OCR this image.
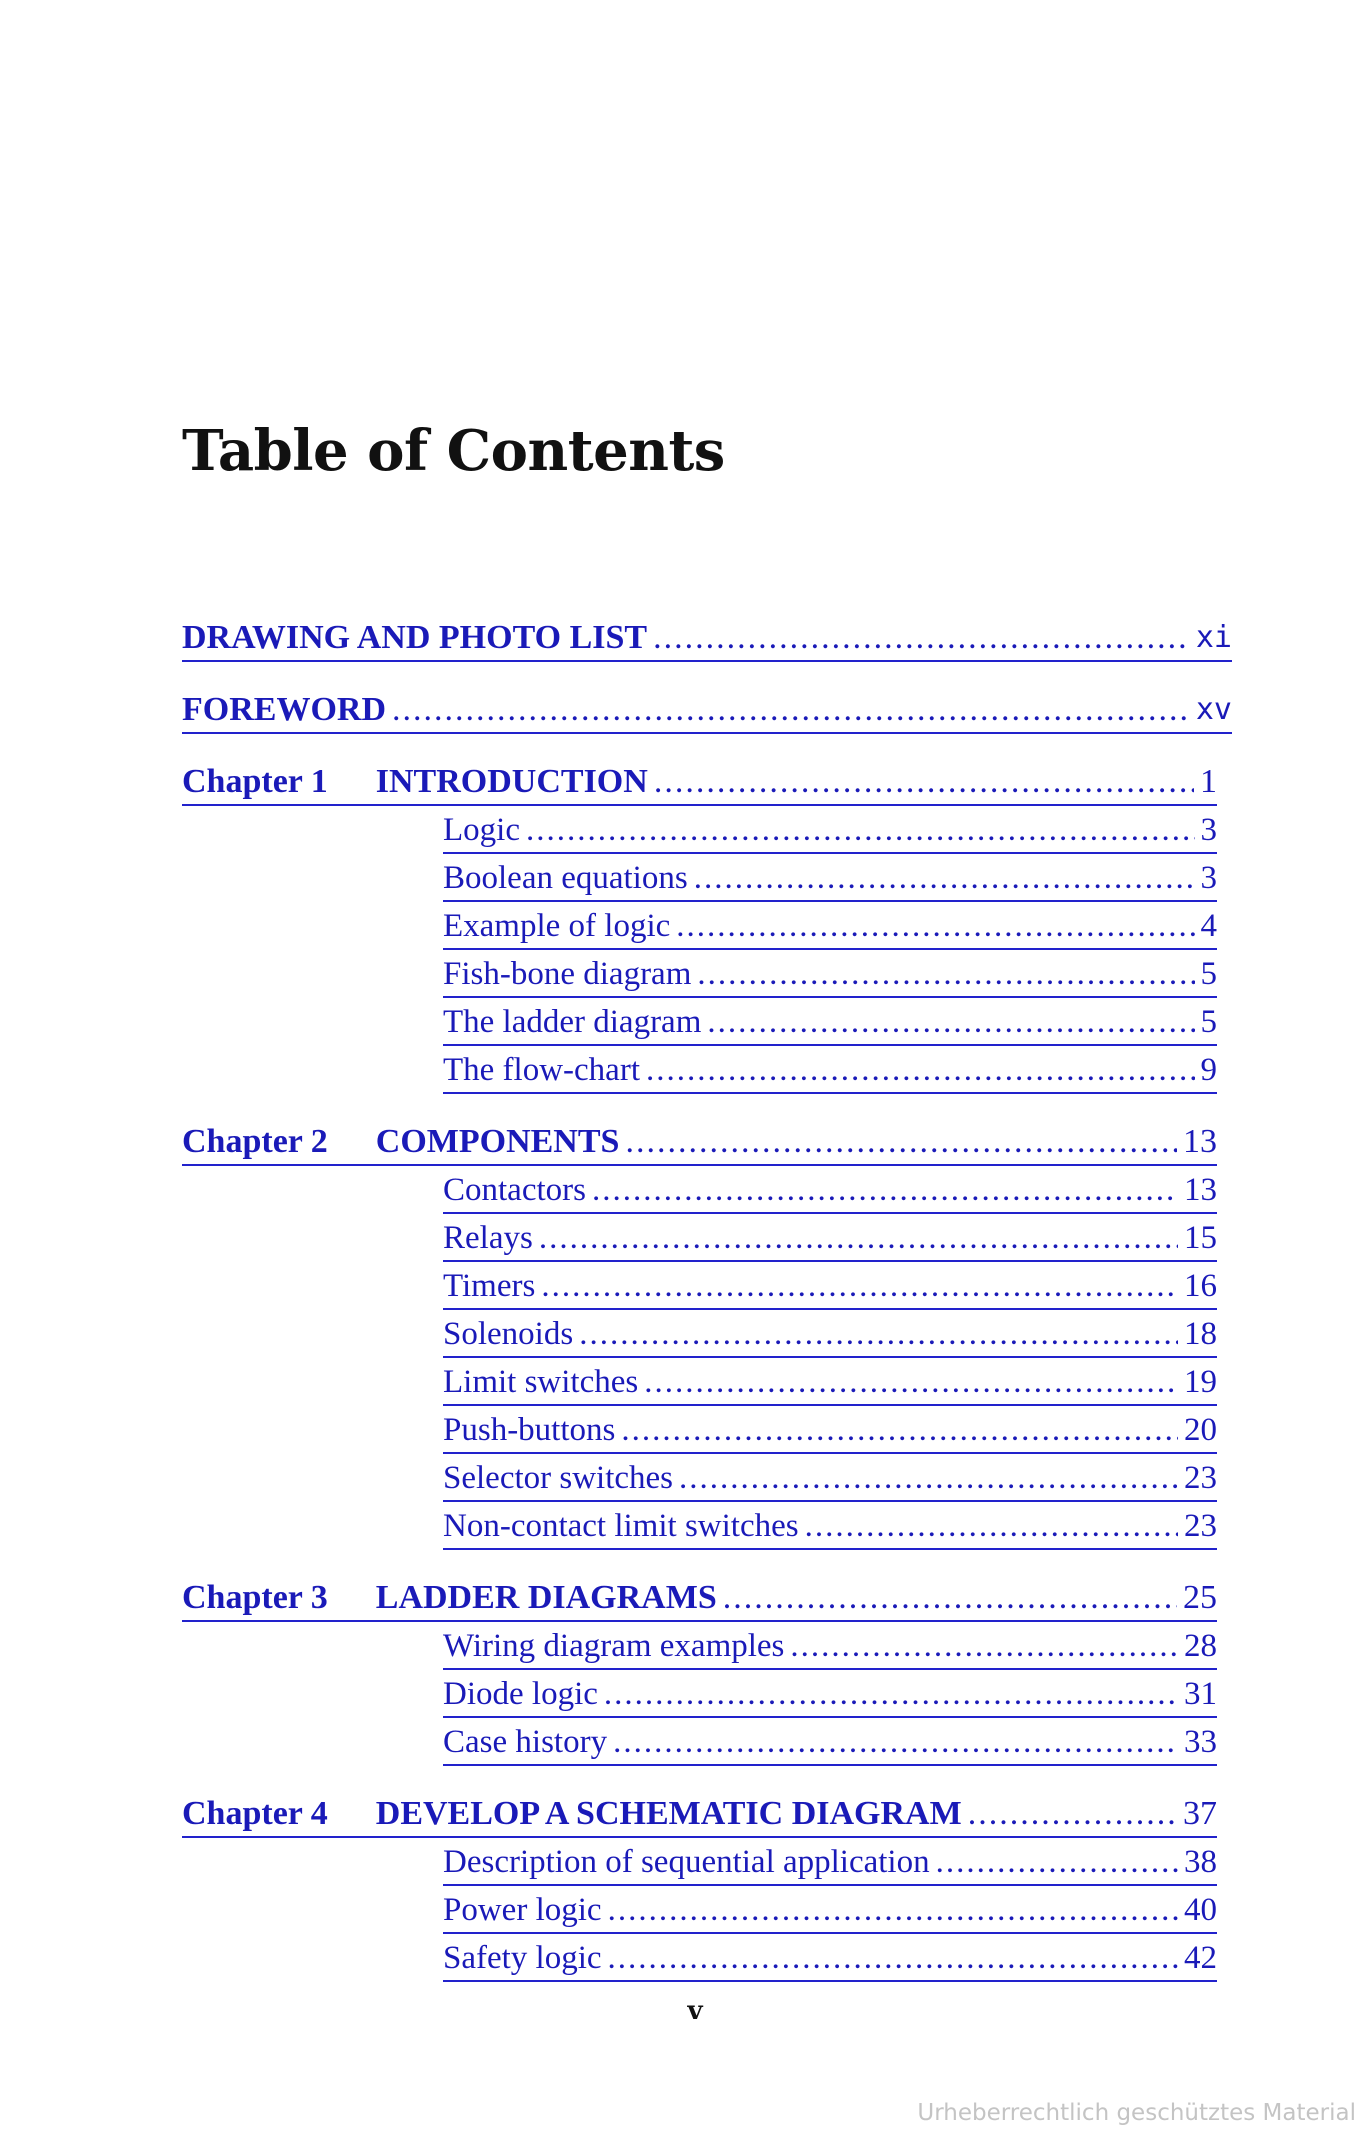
Table of Contents
DRAWING AND PHOTO LIST .....	xi
FOREWORD .....	xv
Chapter 1 INTRODUCTION .....	1
Logic .....	3
Boolean equations .....	3
Example of logic .....	4
Fish-bone diagram .....	5
The ladder diagram .....	5
The flow-chart .....	9
Chapter 2 COMPONENTS .....	13
Contactors .....	13
Relays .....	15
Timers .....	16
Solenoids .....	18
Limit switches .....	19
Push-buttons .....	20
Selector switches .....	23
Non-contact limit switches .....	23
Chapter 3 LADDER DIAGRAMS .....	25
Wiring diagram examples .....	28
Diode logic .....	31
Case history .....	33
Chapter 4 DEVELOP A SCHEMATIC DIAGRAM .....	37
Description of sequential application .....	38
Power logic .....	40
Safety logic .....	42
v
Urheberrechtlich geschütztes Material
